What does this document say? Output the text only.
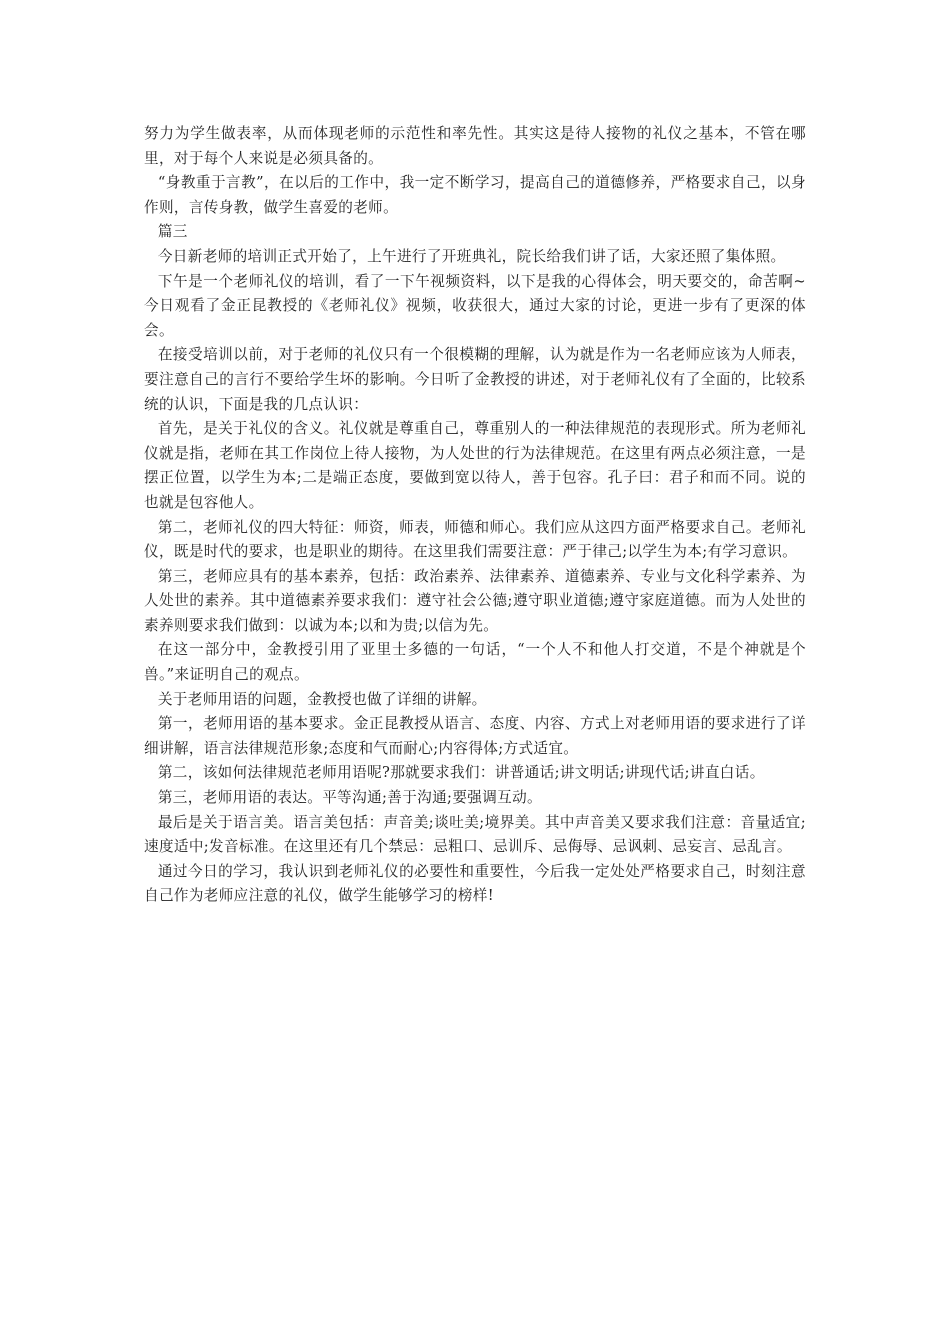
努力为学生做表率，从而体现老师的示范性和率先性。其实这是待人接物的礼仪之基本，不管在哪里，对于每个人来说是必须具备的。

“身教重于言教”，在以后的工作中，我一定不断学习，提高自己的道德修养，严格要求自己，以身作则，言传身教，做学生喜爱的老师。

篇三

今日新老师的培训正式开始了，上午进行了开班典礼，院长给我们讲了话，大家还照了集体照。

下午是一个老师礼仪的培训，看了一下午视频资料，以下是我的心得体会，明天要交的，命苦啊~今日观看了金正昆教授的《老师礼仪》视频，收获很大，通过大家的讨论，更进一步有了更深的体会。

在接受培训以前，对于老师的礼仪只有一个很模糊的理解，认为就是作为一名老师应该为人师表，要注意自己的言行不要给学生坏的影响。今日听了金教授的讲述，对于老师礼仪有了全面的，比较系统的认识，下面是我的几点认识：

首先，是关于礼仪的含义。礼仪就是尊重自己，尊重别人的一种法律规范的表现形式。所为老师礼仪就是指，老师在其工作岗位上待人接物，为人处世的行为法律规范。在这里有两点必须注意，一是摆正位置，以学生为本;二是端正态度，要做到宽以待人，善于包容。孔子曰：君子和而不同。说的也就是包容他人。

第二，老师礼仪的四大特征：师资，师表，师德和师心。我们应从这四方面严格要求自己。老师礼仪，既是时代的要求，也是职业的期待。在这里我们需要注意：严于律己;以学生为本;有学习意识。

第三，老师应具有的基本素养，包括：政治素养、法律素养、道德素养、专业与文化科学素养、为人处世的素养。其中道德素养要求我们：遵守社会公德;遵守职业道德;遵守家庭道德。而为人处世的素养则要求我们做到：以诚为本;以和为贵;以信为先。

在这一部分中，金教授引用了亚里士多德的一句话，“一个人不和他人打交道，不是个神就是个兽。”来证明自己的观点。

关于老师用语的问题，金教授也做了详细的讲解。

第一，老师用语的基本要求。金正昆教授从语言、态度、内容、方式上对老师用语的要求进行了详细讲解，语言法律规范形象;态度和气而耐心;内容得体;方式适宜。

第二，该如何法律规范老师用语呢?那就要求我们：讲普通话;讲文明话;讲现代话;讲直白话。

第三，老师用语的表达。平等沟通;善于沟通;要强调互动。

最后是关于语言美。语言美包括：声音美;谈吐美;境界美。其中声音美又要求我们注意：音量适宜;速度适中;发音标准。在这里还有几个禁忌：忌粗口、忌训斥、忌侮辱、忌讽刺、忌妄言、忌乱言。

通过今日的学习，我认识到老师礼仪的必要性和重要性，今后我一定处处严格要求自己，时刻注意自己作为老师应注意的礼仪，做学生能够学习的榜样!
